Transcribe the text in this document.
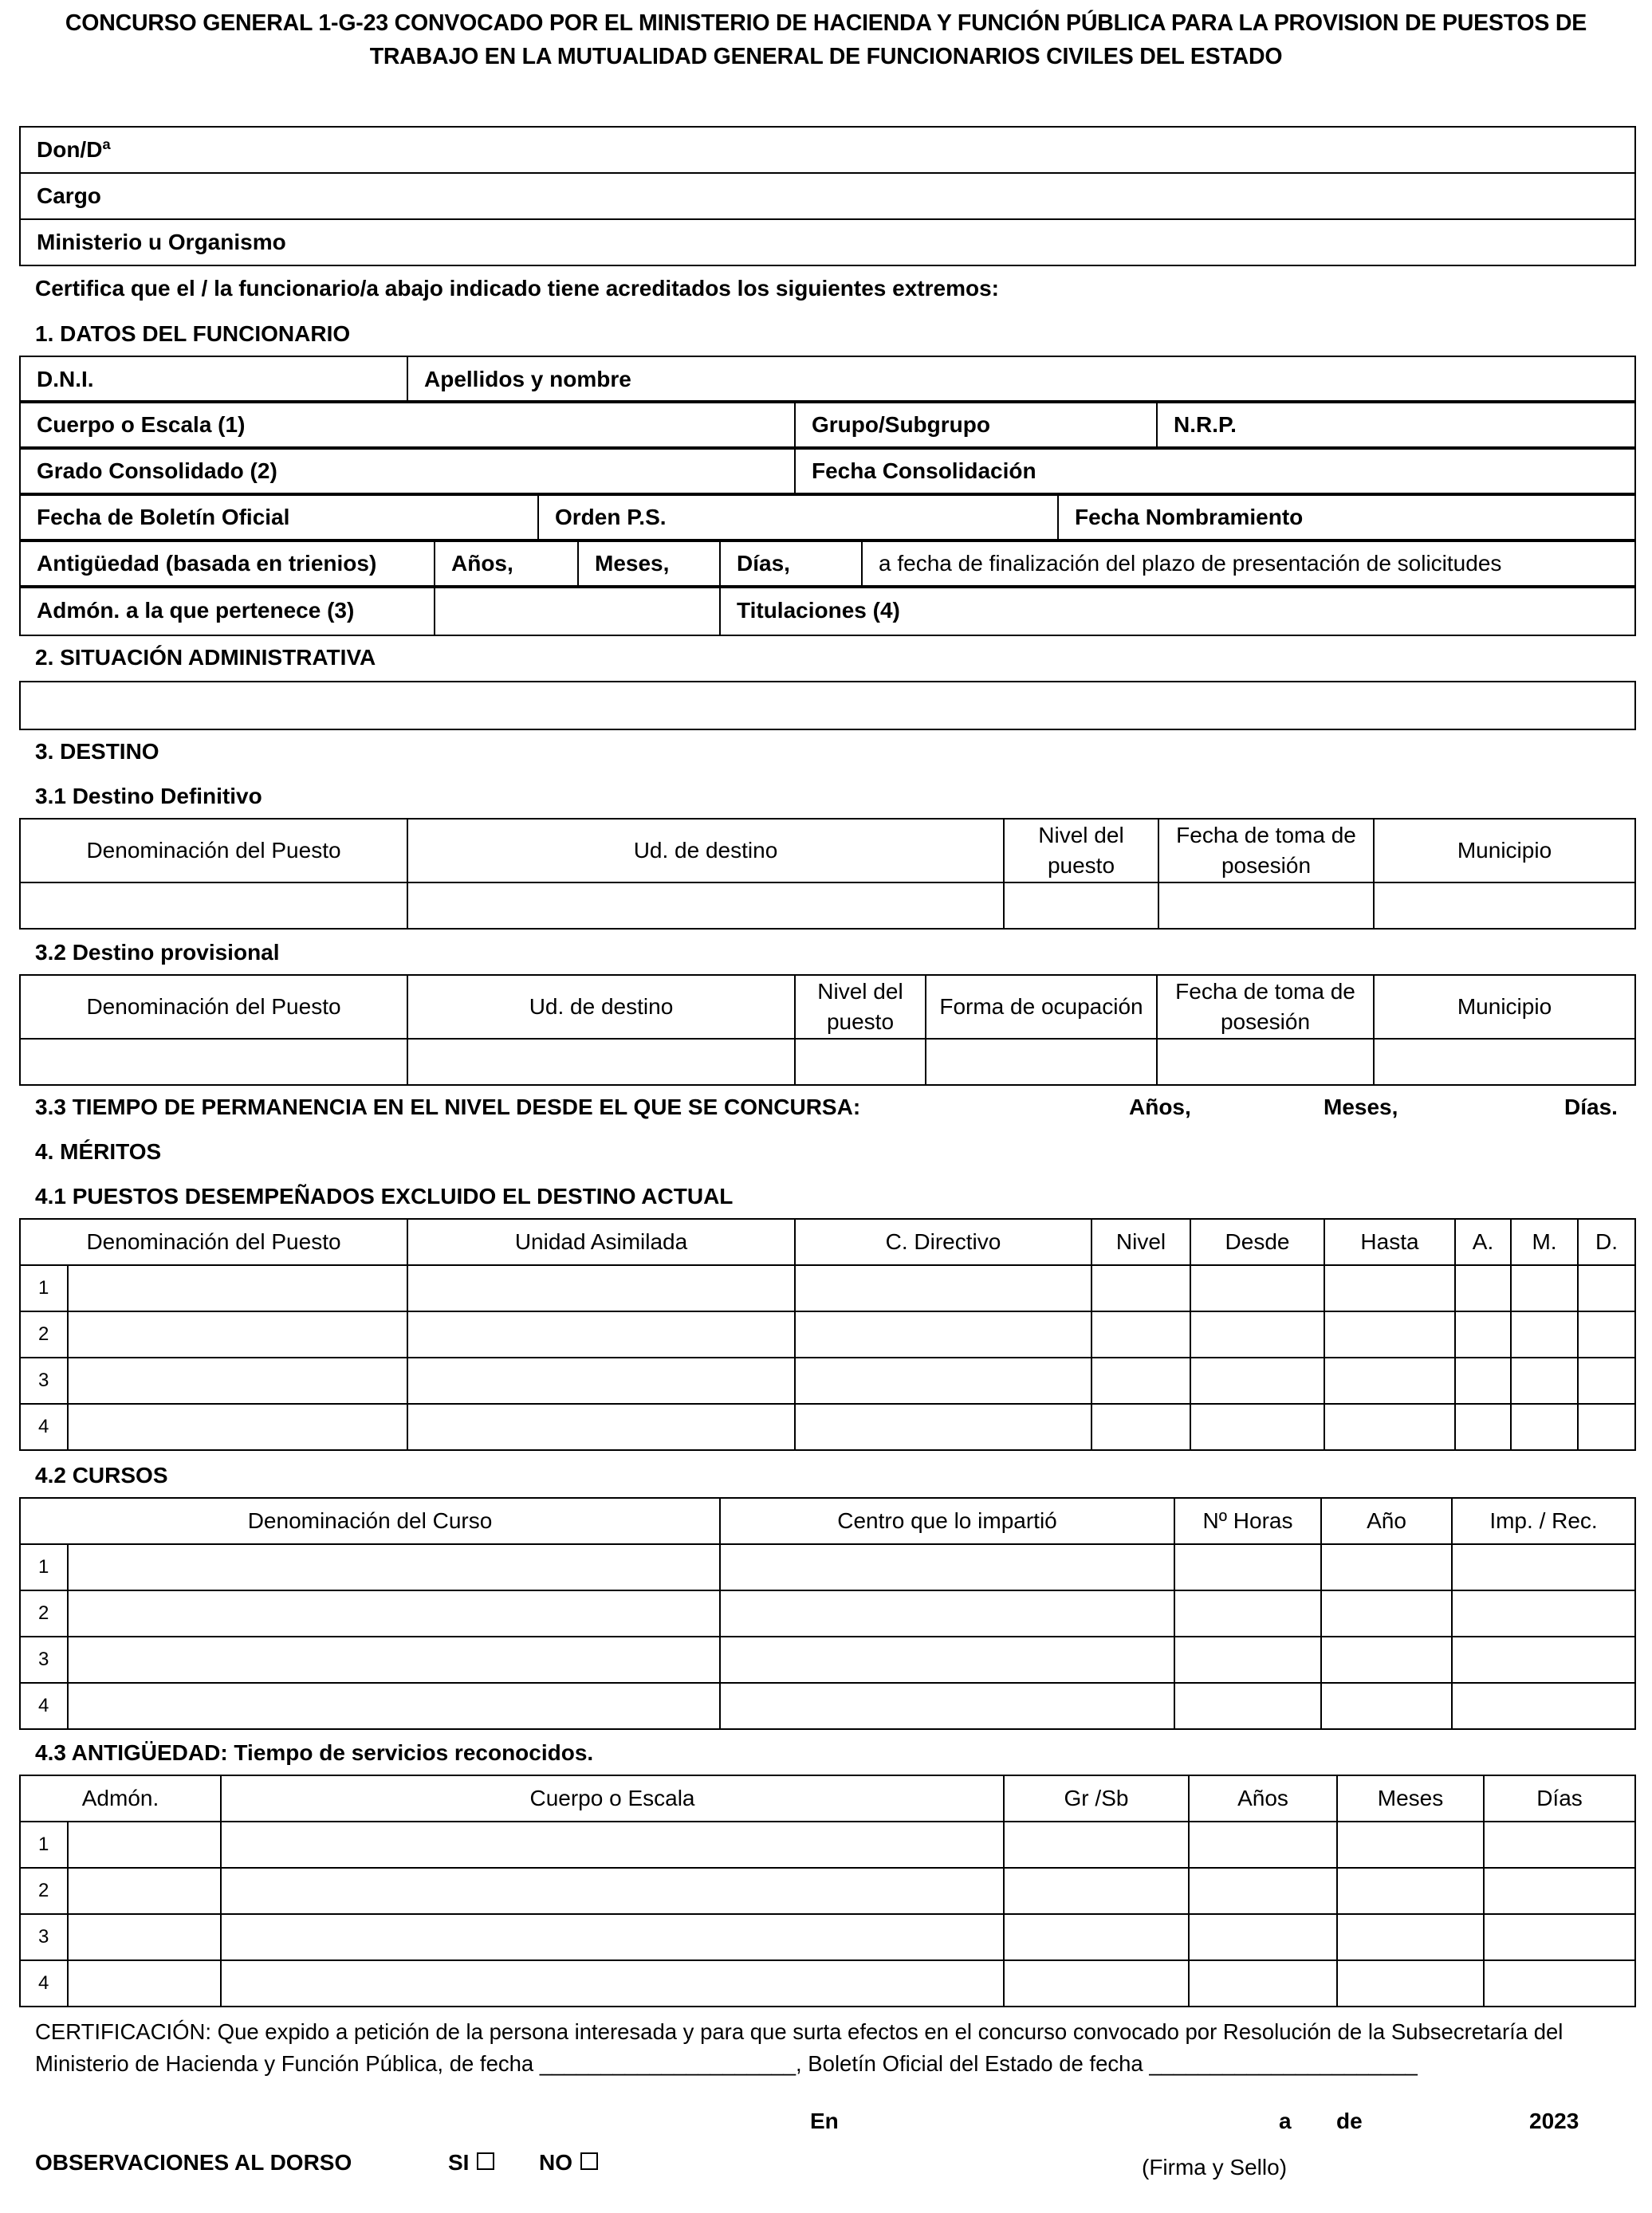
CONCURSO GENERAL 1-G-23 CONVOCADO POR EL MINISTERIO DE HACIENDA Y FUNCIÓN PÚBLICA PARA LA PROVISION DE PUESTOS DE
TRABAJO EN LA MUTUALIDAD GENERAL DE FUNCIONARIOS CIVILES DEL ESTADO
Don/Dª
Cargo
Ministerio u Organismo
Certifica que el / la funcionario/a abajo indicado tiene acreditados los siguientes extremos:
1. DATOS DEL FUNCIONARIO
D.N.I.	Apellidos y nombre
Cuerpo o Escala (1)	Grupo/Subgrupo	N.R.P.
Grado Consolidado (2)	Fecha Consolidación
Fecha de Boletín Oficial	Orden P.S.	Fecha Nombramiento
Antigüedad (basada en trienios)	Años,	Meses,	Días,	a fecha de finalización del plazo de presentación de solicitudes
Admón. a la que pertenece (3)		Titulaciones (4)
2. SITUACIÓN ADMINISTRATIVA
3. DESTINO
3.1 Destino Definitivo
Denominación del Puesto	Ud. de destino	Nivel del puesto	Fecha de toma de posesión	Municipio

3.2 Destino provisional
Denominación del Puesto	Ud. de destino	Nivel del puesto	Forma de ocupación	Fecha de toma de posesión	Municipio

3.3 TIEMPO DE PERMANENCIA EN EL NIVEL DESDE EL QUE SE CONCURSA:	Años,	Meses,	Días.
4. MÉRITOS
4.1 PUESTOS DESEMPEÑADOS EXCLUIDO EL DESTINO ACTUAL
Denominación del Puesto		Unidad Asimilada	C. Directivo	Nivel	Desde	Hasta	A.	M.	D.
1									
2									
3									
4									
4.2 CURSOS
Denominación del Curso		Centro que lo impartió	Nº Horas	Año	Imp. / Rec.
1					
2					
3					
4					
4.3 ANTIGÜEDAD: Tiempo de servicios reconocidos.
Admón.		Cuerpo o Escala	Gr /Sb	Años	Meses	Días
1						
2						
3						
4						
CERTIFICACIÓN: Que expido a petición de la persona interesada y para que surta efectos en el concurso convocado por Resolución de la Subsecretaría del
Ministerio de Hacienda y Función Pública, de fecha _____________________, Boletín Oficial del Estado de fecha ______________________
En	a de	2023
OBSERVACIONES AL DORSO	SI	NO	(Firma y Sello)
